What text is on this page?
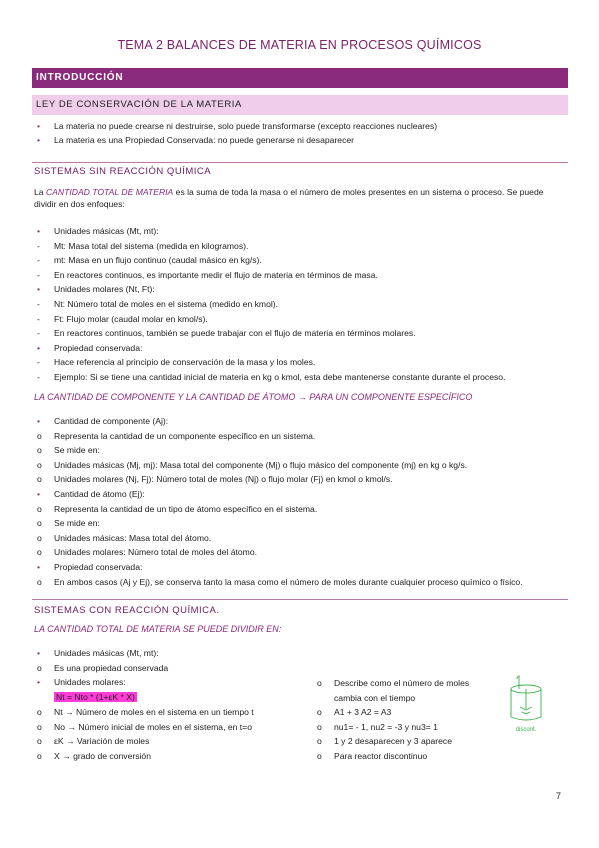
TEMA 2 BALANCES DE MATERIA EN PROCESOS QUÍMICOS
INTRODUCCIÓN
LEY DE CONSERVACIÓN DE LA MATERIA
• La materia no puede crearse ni destruirse, solo puede transformarse (excepto reacciones nucleares)
• La materia es una Propiedad Conservada: no puede generarse ni desaparecer
SISTEMAS SIN REACCIÓN QUÍMICA
La CANTIDAD TOTAL DE MATERIA es la suma de toda la masa o el número de moles presentes en un sistema o proceso. Se puede dividir en dos enfoques:
• Unidades másicas (Mt, mt):
- Mt: Masa total del sistema (medida en kilogramos).
- mt: Masa en un flujo continuo (caudal másico en kg/s).
- En reactores continuos, es importante medir el flujo de materia en términos de masa.
• Unidades molares (Nt, Ft):
- Nt: Número total de moles en el sistema (medido en kmol).
- Ft: Flujo molar (caudal molar en kmol/s).
- En reactores continuos, también se puede trabajar con el flujo de materia en términos molares.
• Propiedad conservada:
- Hace referencia al principio de conservación de la masa y los moles.
- Ejemplo: Si se tiene una cantidad inicial de materia en kg o kmol, esta debe mantenerse constante durante el proceso.
LA CANTIDAD DE COMPONENTE Y LA CANTIDAD DE ÁTOMO → PARA UN COMPONENTE ESPECÍFICO
• Cantidad de componente (Aj):
o Representa la cantidad de un componente específico en un sistema.
o Se mide en:
o Unidades másicas (Mj, mj): Masa total del componente (Mj) o flujo másico del componente (mj) en kg o kg/s.
o Unidades molares (Nj, Fj): Número total de moles (Nj) o flujo molar (Fj) en kmol o kmol/s.
• Cantidad de átomo (Ej):
o Representa la cantidad de un tipo de átomo específico en el sistema.
o Se mide en:
o Unidades másicas: Masa total del átomo.
o Unidades molares: Número total de moles del átomo.
• Propiedad conservada:
o En ambos casos (Aj y Ej), se conserva tanto la masa como el número de moles durante cualquier proceso químico o físico.
SISTEMAS CON REACCIÓN QUÍMICA.
LA CANTIDAD TOTAL DE MATERIA SE PUEDE DIVIDIR EN:
• Unidades másicas (Mt, mt):
o Es una propiedad conservada
• Unidades molares:
Nt = Nto * (1+εK * X)
o Nt → Número de moles en el sistema en un tiempo t
o No → Número inicial de moles en el sistema, en t=o
o εK → Variación de moles
o X → grado de conversión
o Describe como el número de moles
cambia con el tiempo
o A1 + 3 A2 = A3
o nu1= - 1, nu2 = -3 y nu3= 1
o 1 y 2 desaparecen y 3 aparece
o Para reactor discontinuo
discont.
7
